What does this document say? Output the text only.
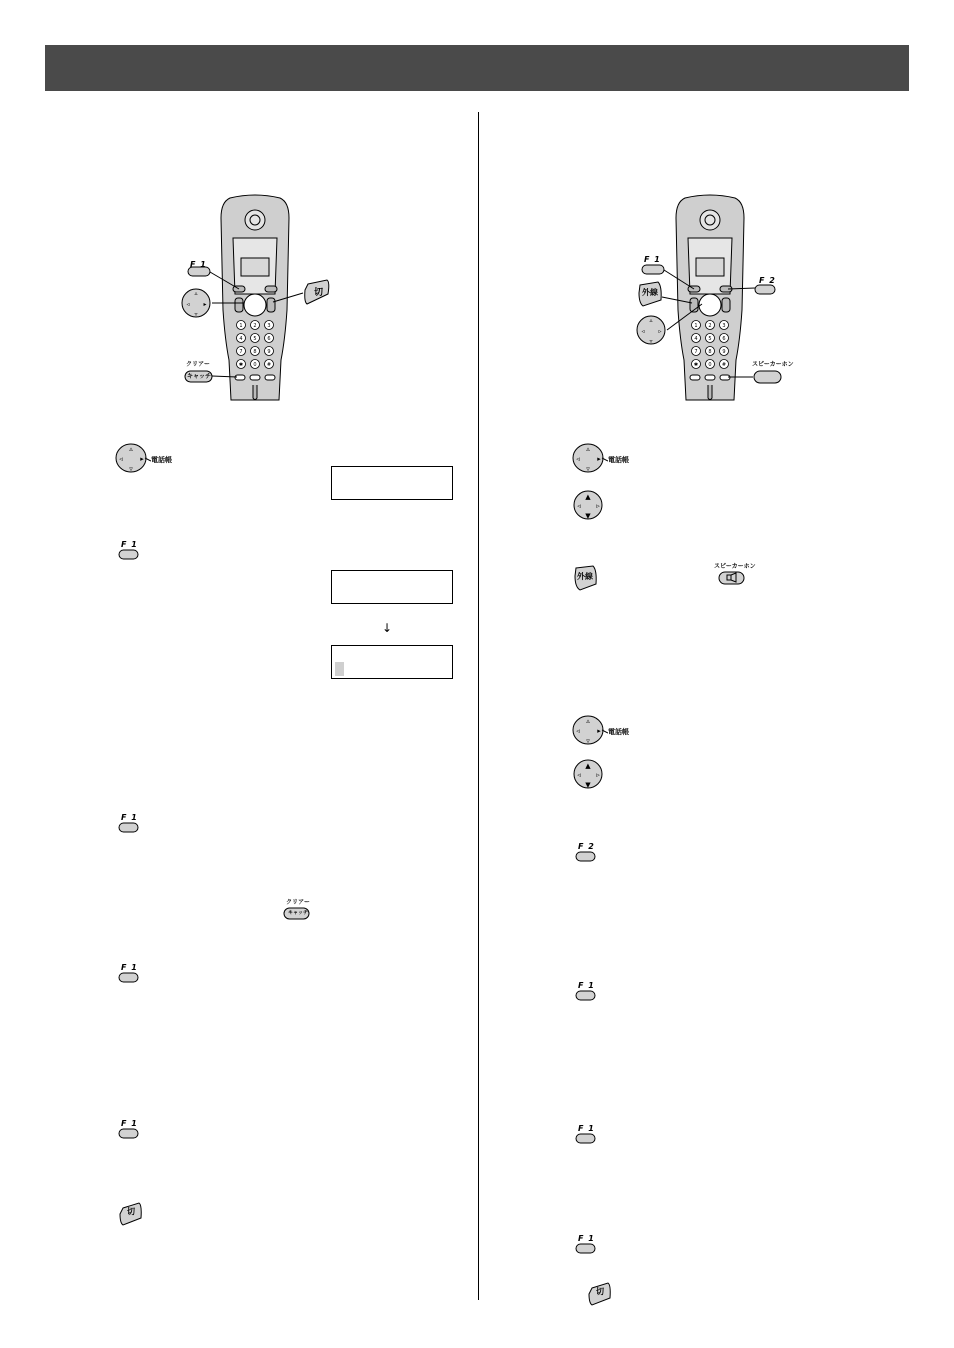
1 2 3
4 5 6
7 8 9
✱ 0 #
▵
▿
◃ ▸
F 1
切
クリアー
キャッチ
▵
▿
◃ ▸ 電話帳
F 1
↓
F 1
クリアー
キャッチ
F 1
F 1
切
1 2 3
4 5 6
7 8 9
✱ 0 #
▵
▿
◃ ▹
F 1
外線
F 2
スピーカーホン
▵
▿
◃ ▸ 電話帳
▲
▼
◃ ▹
外線
スピーカーホン
▵
▿
◃ ▸ 電話帳
▲
▼
◃ ▹
F 2
F 1
F 1
F 1
切
